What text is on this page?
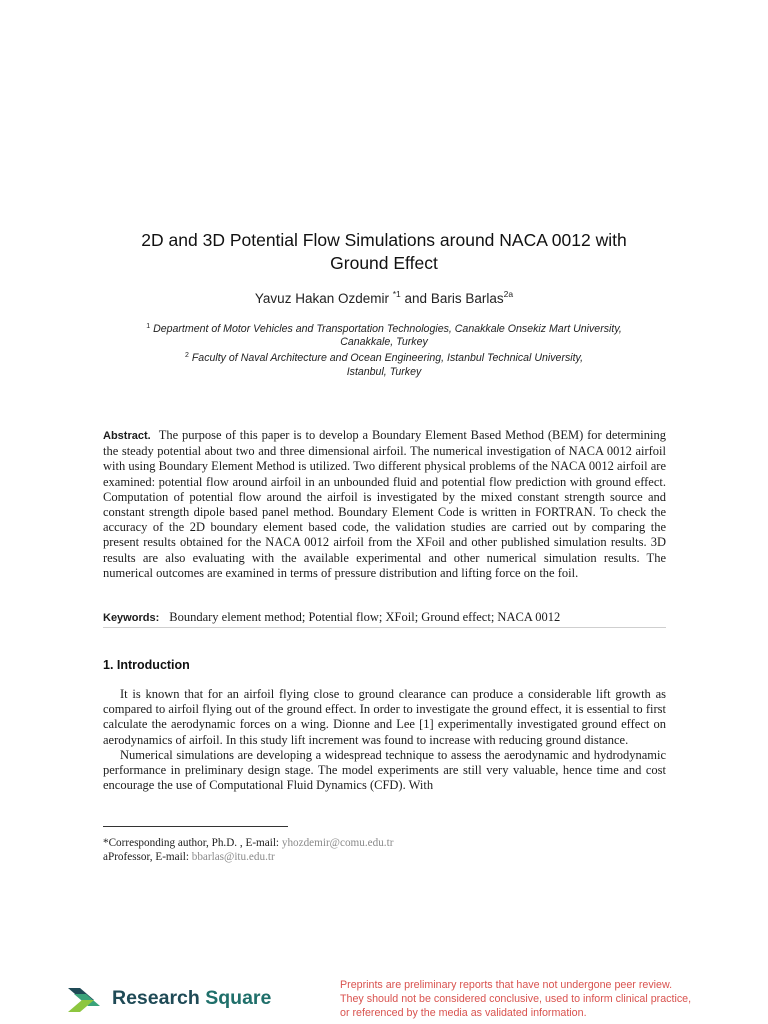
2D and 3D Potential Flow Simulations around NACA 0012 with
Ground Effect
Yavuz Hakan Ozdemir $^{*1}$ and Baris Barlas$^{2a}$
$^1$ Department of Motor Vehicles and Transportation Technologies, Canakkale Onsekiz Mart University,
Canakkale, Turkey
$^2$ Faculty of Naval Architecture and Ocean Engineering, Istanbul Technical University,
Istanbul, Turkey
Abstract. The purpose of this paper is to develop a Boundary Element Based Method (BEM) for determining the steady potential about two and three dimensional airfoil. The numerical investigation of NACA 0012 airfoil with using Boundary Element Method is utilized. Two different physical problems of the NACA 0012 airfoil are examined: potential flow around airfoil in an unbounded fluid and potential flow prediction with ground effect. Computation of potential flow around the airfoil is investigated by the mixed constant strength source and constant strength dipole based panel method. Boundary Element Code is written in FORTRAN. To check the accuracy of the 2D boundary element based code, the validation studies are carried out by comparing the present results obtained for the NACA 0012 airfoil from the XFoil and other published simulation results. 3D results are also evaluating with the available experimental and other numerical simulation results. The numerical outcomes are examined in terms of pressure distribution and lifting force on the foil.
Keywords: Boundary element method; Potential flow; XFoil; Ground effect; NACA 0012
1. Introduction

It is known that for an airfoil flying close to ground clearance can produce a considerable lift growth as compared to airfoil flying out of the ground effect. In order to investigate the ground effect, it is essential to first calculate the aerodynamic forces on a wing. Dionne and Lee [1] experimentally investigated ground effect on aerodynamics of airfoil. In this study lift increment was found to increase with reducing ground distance.

Numerical simulations are developing a widespread technique to assess the aerodynamic and hydrodynamic performance in preliminary design stage. The model experiments are still very valuable, hence time and cost encourage the use of Computational Fluid Dynamics (CFD). With

*Corresponding author, Ph.D. , E-mail: yhozdemir@comu.edu.tr
aProfessor, E-mail: bbarlas@itu.edu.tr
Research Square
Preprints are preliminary reports that have not undergone peer review.
They should not be considered conclusive, used to inform clinical practice,
or referenced by the media as validated information.
